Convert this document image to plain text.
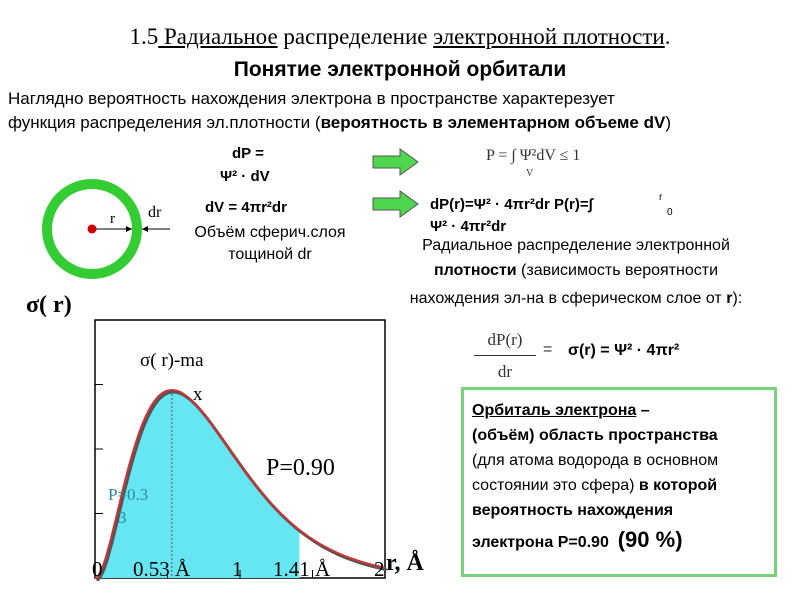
1.5 Радиальное распределение электронной плотности.
Понятие электронной орбитали
Наглядно вероятность нахождения электрона в пространстве характерезует
функция распределения эл.плотности (вероятность в элементарном объеме dV)
dP =
Ψ² · dV
dV = 4πr²dr
Объём сферич.слоя
тощиной dr
P = ∫ Ψ²dV ≤ 1
V
dP(r)=Ψ² · 4πr²dr P(r)=∫	r
0
Ψ² · 4πr²dr
Радиальное распределение электронной
плотности (зависимость вероятности
нахождения эл-на в сферическом слое от r):
dP(r)
dr
= σ(r) = Ψ² · 4πr²
r dr
σ( r)
r, Å
σ( r)-ma
x
P=0.90
P=0.3
3
0 0.53 Å 1 1.41 Å 2
Орбиталь электрона –
(объём) область пространства
(для атома водорода в основном
состоянии это сфера) в которой
вероятность нахождения
электрона P=0.90 (90 %)
